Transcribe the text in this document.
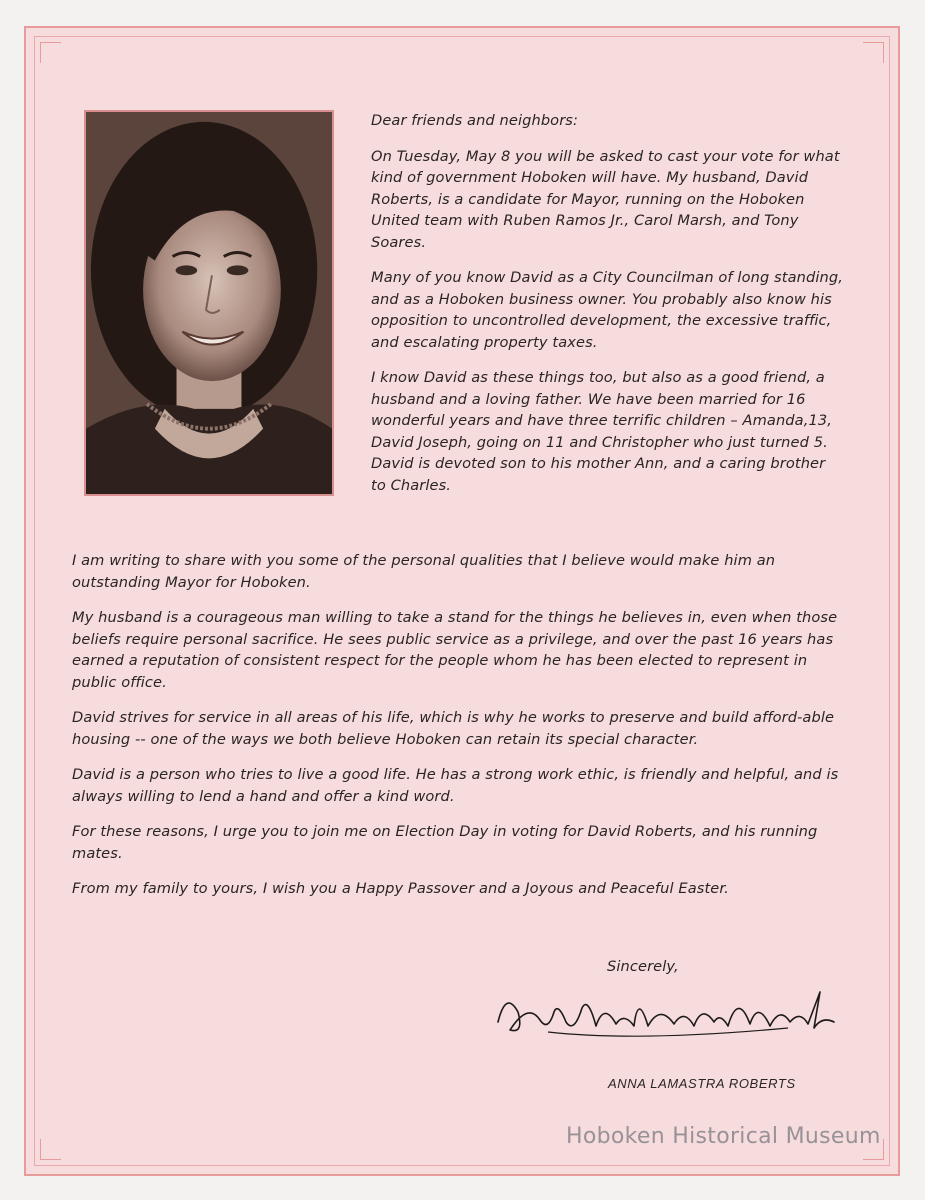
Dear friends and neighbors:

On Tuesday, May 8 you will be asked to cast your vote for what kind of government Hoboken will have. My husband, David Roberts, is a candidate for Mayor, running on the Hoboken United team with Ruben Ramos Jr., Carol Marsh, and Tony Soares.

Many of you know David as a City Councilman of long standing, and as a Hoboken business owner. You probably also know his opposition to uncontrolled development, the excessive traffic, and escalating property taxes.

I know David as these things too, but also as a good friend, a husband and a loving father. We have been married for 16 wonderful years and have three terrific children – Amanda,13, David Joseph, going on 11 and Christopher who just turned 5. David is devoted son to his mother Ann, and a caring brother to Charles.

I am writing to share with you some of the personal qualities that I believe would make him an outstanding Mayor for Hoboken.

My husband is a courageous man willing to take a stand for the things he believes in, even when those beliefs require personal sacrifice. He sees public service as a privilege, and over the past 16 years has earned a reputation of consistent respect for the people whom he has been elected to represent in public office.

David strives for service in all areas of his life, which is why he works to preserve and build afford-able housing -- one of the ways we both believe Hoboken can retain its special character.

David is a person who tries to live a good life. He has a strong work ethic, is friendly and helpful, and is always willing to lend a hand and offer a kind word.

For these reasons, I urge you to join me on Election Day in voting for David Roberts, and his running mates.

From my family to yours, I wish you a Happy Passover and a Joyous and Peaceful Easter.

Sincerely,
ANNA LAMASTRA ROBERTS
Hoboken Historical Museum
